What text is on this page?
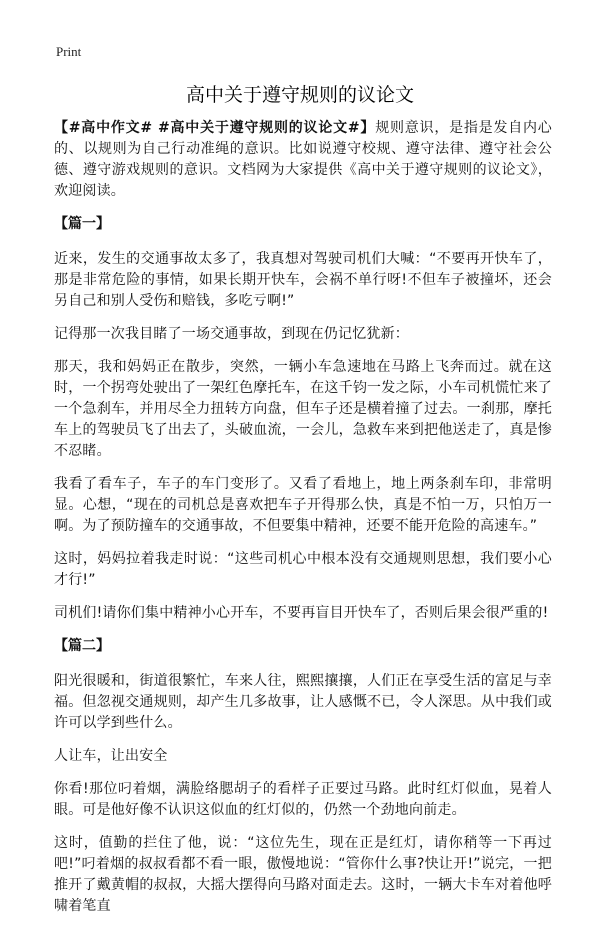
Print
高中关于遵守规则的议论文

【#高中作文# #高中关于遵守规则的议论文#】规则意识，是指是发自内心的、以规则为自己行动准绳的意识。比如说遵守校规、遵守法律、遵守社会公德、遵守游戏规则的意识。文档网为大家提供《高中关于遵守规则的议论文》，欢迎阅读。

【篇一】

近来，发生的交通事故太多了，我真想对驾驶司机们大喊：“不要再开快车了，那是非常危险的事情，如果长期开快车，会祸不单行呀!不但车子被撞坏，还会另自己和别人受伤和赔钱，多吃亏啊!”

记得那一次我目睹了一场交通事故，到现在仍记忆犹新：

那天，我和妈妈正在散步，突然，一辆小车急速地在马路上飞奔而过。就在这时，一个拐弯处驶出了一架红色摩托车，在这千钧一发之际，小车司机慌忙来了一个急刹车，并用尽全力扭转方向盘，但车子还是横着撞了过去。一刹那，摩托车上的驾驶员飞了出去了，头破血流，一会儿，急救车来到把他送走了，真是惨不忍睹。

我看了看车子，车子的车门变形了。又看了看地上，地上两条刹车印，非常明显。心想，“现在的司机总是喜欢把车子开得那么快，真是不怕一万，只怕万一啊。为了预防撞车的交通事故，不但要集中精神，还要不能开危险的高速车。”

这时，妈妈拉着我走时说：“这些司机心中根本没有交通规则思想，我们要小心才行!”

司机们!请你们集中精神小心开车，不要再盲目开快车了，否则后果会很严重的!

【篇二】

阳光很暖和，街道很繁忙，车来人往，熙熙攘攘，人们正在享受生活的富足与幸福。但忽视交通规则，却产生几多故事，让人感慨不已，令人深思。从中我们或许可以学到些什么。

人让车，让出安全

你看!那位叼着烟，满脸络腮胡子的看样子正要过马路。此时红灯似血，晃着人眼。可是他好像不认识这似血的红灯似的，仍然一个劲地向前走。

这时，值勤的拦住了他，说：“这位先生，现在正是红灯，请你稍等一下再过吧!”叼着烟的叔叔看都不看一眼，傲慢地说：“管你什么事?快让开!”说完，一把推开了戴黄帽的叔叔，大摇大摆得向马路对面走去。这时，一辆大卡车对着他呼啸着笔直
